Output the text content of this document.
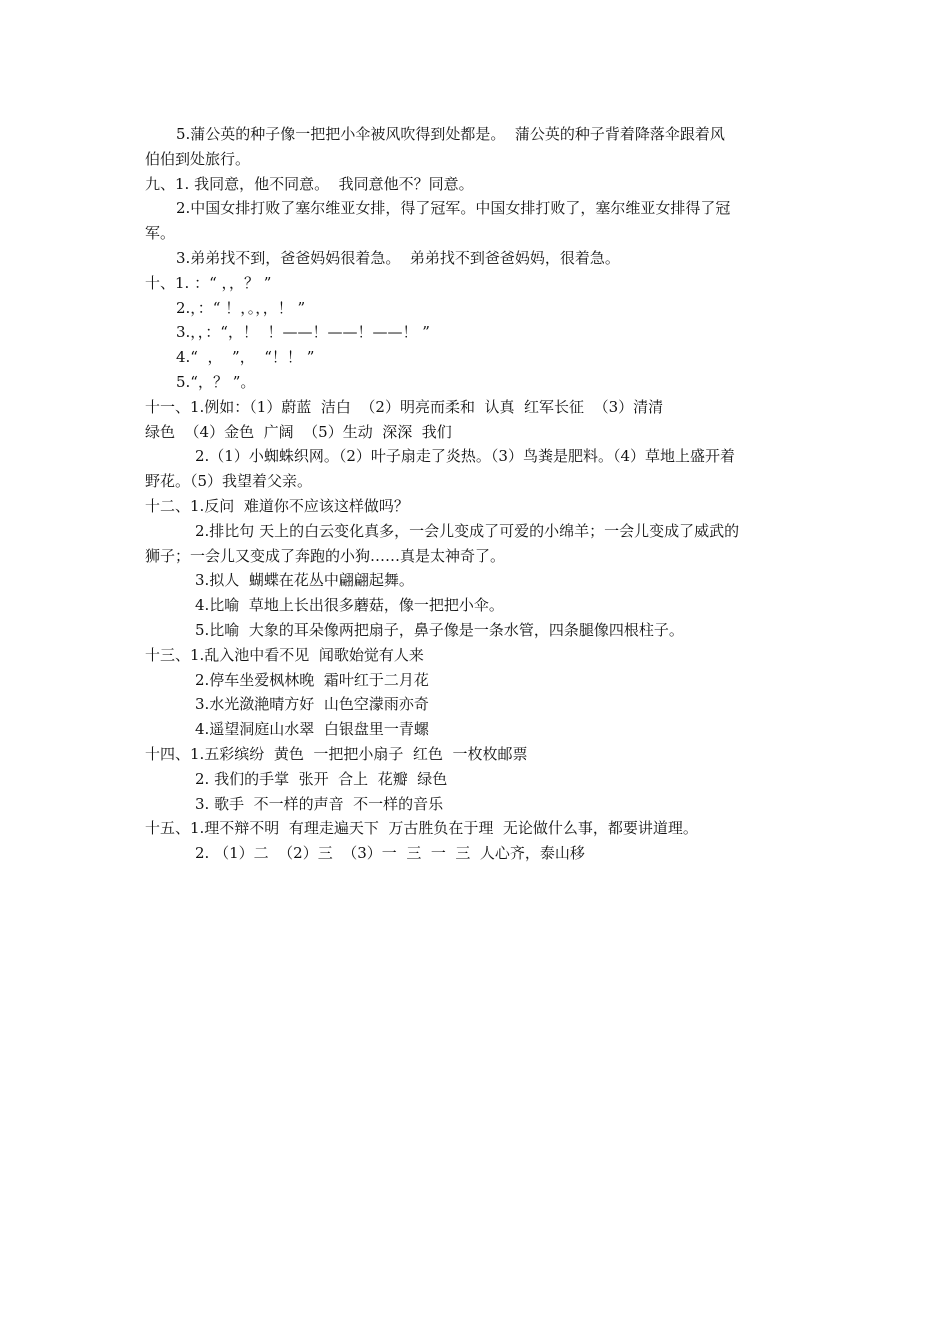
5.蒲公英的种子像一把把小伞被风吹得到处都是。  蒲公英的种子背着降落伞跟着风
伯伯到处旅行。
九、1. 我同意，他不同意。  我同意他不？同意。
2.中国女排打败了塞尔维亚女排，得了冠军。中国女排打败了，塞尔维亚女排得了冠
军。
3.弟弟找不到，爸爸妈妈很着急。  弟弟找不到爸爸妈妈，很着急。
十、1. ：“ ，，？ ”
2.，：“ ！，。，，！ ”
3.，，：“，！  ！——！——！——！ ”
4.“  ，  ”，  “！！ ”
5.“，？ ”。
十一、1.例如：（1）蔚蓝  洁白  （2）明亮而柔和  认真  红军长征  （3）清清
绿色  （4）金色  广阔  （5）生动  深深  我们
2.（1）小蜘蛛织网。（2）叶子扇走了炎热。（3）鸟粪是肥料。（4）草地上盛开着
野花。（5）我望着父亲。
十二、1.反问  难道你不应该这样做吗？
2.排比句 天上的白云变化真多，一会儿变成了可爱的小绵羊；一会儿变成了威武的
狮子；一会儿又变成了奔跑的小狗……真是太神奇了。
3.拟人  蝴蝶在花丛中翩翩起舞。
4.比喻  草地上长出很多蘑菇，像一把把小伞。
5.比喻  大象的耳朵像两把扇子，鼻子像是一条水管，四条腿像四根柱子。
十三、1.乱入池中看不见  闻歌始觉有人来
2.停车坐爱枫林晚  霜叶红于二月花
3.水光潋滟晴方好  山色空濛雨亦奇
4.遥望洞庭山水翠  白银盘里一青螺
十四、1.五彩缤纷  黄色  一把把小扇子  红色  一枚枚邮票
2. 我们的手掌  张开  合上  花瓣  绿色
3. 歌手  不一样的声音  不一样的音乐
十五、1.理不辩不明  有理走遍天下  万古胜负在于理  无论做什么事，都要讲道理。
2. （1）二  （2）三  （3）一  三  一  三  人心齐，泰山移
